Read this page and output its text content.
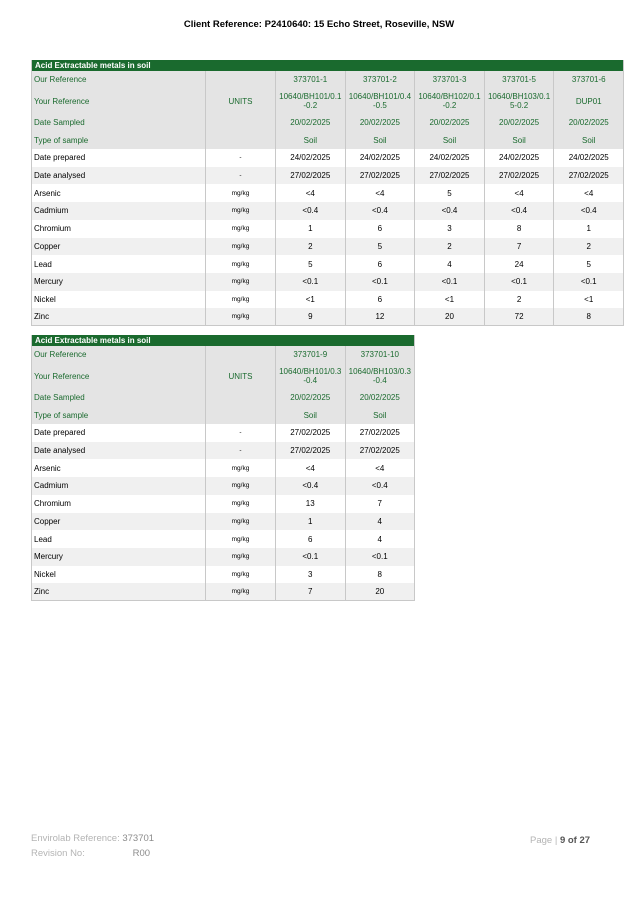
Client Reference: P2410640: 15 Echo Street, Roseville, NSW
Acid Extractable metals in soil						
Our Reference		373701-1	373701-2	373701-3	373701-5	373701-6
Your Reference	UNITS	10640/BH101/0.1-0.2	10640/BH101/0.4-0.5	10640/BH102/0.1-0.2	10640/BH103/0.15-0.2	DUP01
Date Sampled		20/02/2025	20/02/2025	20/02/2025	20/02/2025	20/02/2025
Type of sample		Soil	Soil	Soil	Soil	Soil
Date prepared	-	24/02/2025	24/02/2025	24/02/2025	24/02/2025	24/02/2025
Date analysed	-	27/02/2025	27/02/2025	27/02/2025	27/02/2025	27/02/2025
Arsenic	mg/kg	<4	<4	5	<4	<4
Cadmium	mg/kg	<0.4	<0.4	<0.4	<0.4	<0.4
Chromium	mg/kg	1	6	3	8	1
Copper	mg/kg	2	5	2	7	2
Lead	mg/kg	5	6	4	24	5
Mercury	mg/kg	<0.1	<0.1	<0.1	<0.1	<0.1
Nickel	mg/kg	<1	6	<1	2	<1
Zinc	mg/kg	9	12	20	72	8
Acid Extractable metals in soil			
Our Reference		373701-9	373701-10
Your Reference	UNITS	10640/BH101/0.3-0.4	10640/BH103/0.3-0.4
Date Sampled		20/02/2025	20/02/2025
Type of sample		Soil	Soil
Date prepared	-	27/02/2025	27/02/2025
Date analysed	-	27/02/2025	27/02/2025
Arsenic	mg/kg	<4	<4
Cadmium	mg/kg	<0.4	<0.4
Chromium	mg/kg	13	7
Copper	mg/kg	1	4
Lead	mg/kg	6	4
Mercury	mg/kg	<0.1	<0.1
Nickel	mg/kg	3	8
Zinc	mg/kg	7	20
Envirolab Reference: 373701
Revision No:	R00
Page | 9 of 27
